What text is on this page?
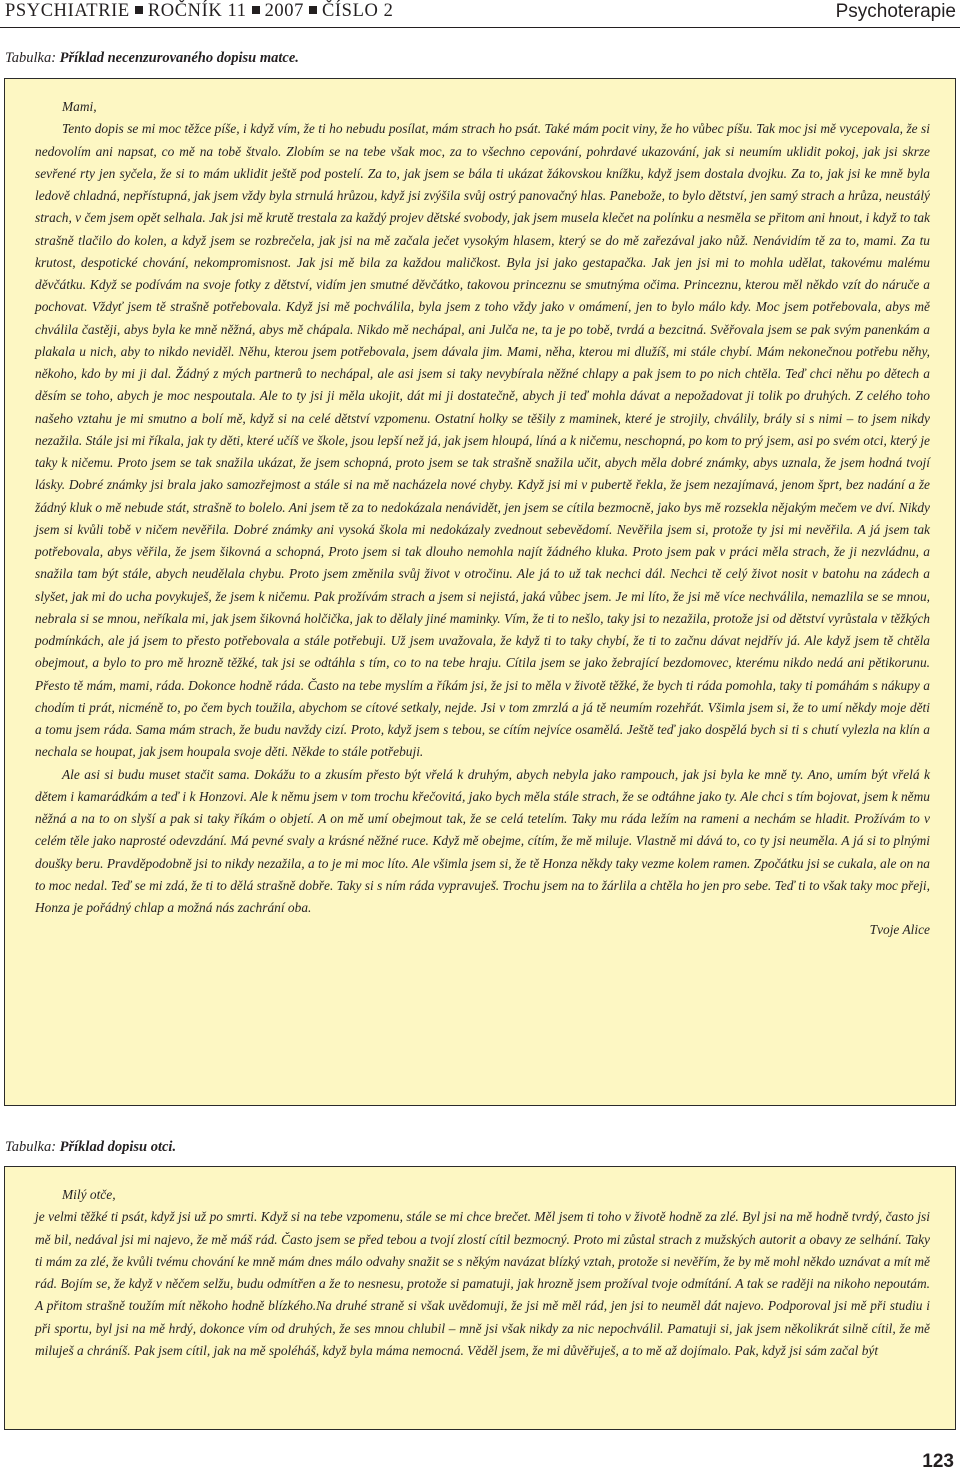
PSYCHIATRIE ROČNÍK 11 2007 ČÍSLO 2	Psychoterapie
Tabulka: Příklad necenzurovaného dopisu matce.

Mami,

Tento dopis se mi moc těžce píše, i když vím, že ti ho nebudu posílat, mám strach ho psát. Také mám pocit viny, že ho vůbec píšu. Tak moc jsi mě vycepovala, že si nedovolím ani napsat, co mě na tobě štvalo. Zlobím se na tebe však moc, za to všechno cepování, pohrdavé ukazování, jak si neumím uklidit pokoj, jak jsi skrze sevřené rty jen syčela, že si to mám uklidit ještě pod postelí. Za to, jak jsem se bála ti ukázat žákovskou knížku, když jsem dostala dvojku. Za to, jak jsi ke mně byla ledově chladná, nepřístupná, jak jsem vždy byla strnulá hrůzou, když jsi zvýšila svůj ostrý panovačný hlas. Panebože, to bylo dětství, jen samý strach a hrůza, neustálý strach, v čem jsem opět selhala. Jak jsi mě krutě trestala za každý projev dětské svobody, jak jsem musela klečet na polínku a nesměla se přitom ani hnout, i když to tak strašně tlačilo do kolen, a když jsem se rozbrečela, jak jsi na mě začala ječet vysokým hlasem, který se do mě zařezával jako nůž. Nenávidím tě za to, mami. Za tu krutost, despotické chování, nekompromisnost. Jak jsi mě bila za každou maličkost. Byla jsi jako gestapačka. Jak jen jsi mi to mohla udělat, takovému malému děvčátku. Když se podívám na svoje fotky z dětství, vidím jen smutné děvčátko, takovou princeznu se smutnýma očima. Princeznu, kterou měl někdo vzít do náruče a pochovat. Vždyť jsem tě strašně potřebovala. Když jsi mě pochválila, byla jsem z toho vždy jako v omámení, jen to bylo málo kdy. Moc jsem potřebovala, abys mě chválila častěji, abys byla ke mně něžná, abys mě chápala. Nikdo mě nechápal, ani Julča ne, ta je po tobě, tvrdá a bezcitná. Svěřovala jsem se pak svým panenkám a plakala u nich, aby to nikdo neviděl. Něhu, kterou jsem potřebovala, jsem dávala jim. Mami, něha, kterou mi dlužíš, mi stále chybí. Mám nekonečnou potřebu něhy, někoho, kdo by mi ji dal. Žádný z mých partnerů to nechápal, ale asi jsem si taky nevybírala něžné chlapy a pak jsem to po nich chtěla. Teď chci něhu po dětech a děsím se toho, abych je moc nespoutala. Ale to ty jsi ji měla ukojit, dát mi ji dostatečně, abych ji teď mohla dávat a nepožadovat ji tolik po druhých. Z celého toho našeho vztahu je mi smutno a bolí mě, když si na celé dětství vzpomenu. Ostatní holky se těšily z maminek, které je strojily, chválily, brály si s nimi – to jsem nikdy nezažila. Stále jsi mi říkala, jak ty děti, které učíš ve škole, jsou lepší než já, jak jsem hloupá, líná a k ničemu, neschopná, po kom to prý jsem, asi po svém otci, který je taky k ničemu. Proto jsem se tak snažila ukázat, že jsem schopná, proto jsem se tak strašně snažila učit, abych měla dobré známky, abys uznala, že jsem hodná tvojí lásky. Dobré známky jsi brala jako samozřejmost a stále si na mě nacházela nové chyby. Když jsi mi v pubertě řekla, že jsem nezajímavá, jenom šprt, bez nadání a že žádný kluk o mě nebude stát, strašně to bolelo. Ani jsem tě za to nedokázala nenávidět, jen jsem se cítila bezmocně, jako bys mě rozsekla nějakým mečem ve dví. Nikdy jsem si kvůli tobě v ničem nevěřila. Dobré známky ani vysoká škola mi nedokázaly zvednout sebevědomí. Nevěřila jsem si, protože ty jsi mi nevěřila. A já jsem tak potřebovala, abys věřila, že jsem šikovná a schopná, Proto jsem si tak dlouho nemohla najít žádného kluka. Proto jsem pak v práci měla strach, že ji nezvládnu, a snažila tam být stále, abych neudělala chybu. Proto jsem změnila svůj život v otročinu. Ale já to už tak nechci dál. Nechci tě celý život nosit v batohu na zádech a slyšet, jak mi do ucha povykuješ, že jsem k ničemu. Pak prožívám strach a jsem si nejistá, jaká vůbec jsem. Je mi líto, že jsi mě více nechválila, nemazlila se se mnou, nebrala si se mnou, neříkala mi, jak jsem šikovná holčička, jak to dělaly jiné maminky. Vím, že ti to nešlo, taky jsi to nezažila, protože jsi od dětství vyrůstala v těžkých podmínkách, ale já jsem to přesto potřebovala a stále potřebuji. Už jsem uvažovala, že když ti to taky chybí, že ti to začnu dávat nejdřív já. Ale když jsem tě chtěla obejmout, a bylo to pro mě hrozně těžké, tak jsi se odtáhla s tím, co to na tebe hraju. Cítila jsem se jako žebrající bezdomovec, kterému nikdo nedá ani pětikorunu. Přesto tě mám, mami, ráda. Dokonce hodně ráda. Často na tebe myslím a říkám jsi, že jsi to měla v životě těžké, že bych ti ráda pomohla, taky ti pomáhám s nákupy a chodím ti prát, nicméně to, po čem bych toužila, abychom se cítové setkaly, nejde. Jsi v tom zmrzlá a já tě neumím rozehřát. Všimla jsem si, že to umí někdy moje děti a tomu jsem ráda. Sama mám strach, že budu navždy cizí. Proto, když jsem s tebou, se cítím nejvíce osamělá. Ještě teď jako dospělá bych si ti s chutí vylezla na klín a nechala se houpat, jak jsem houpala svoje děti. Někde to stále potřebuji.

Ale asi si budu muset stačit sama. Dokážu to a zkusím přesto být vřelá k druhým, abych nebyla jako rampouch, jak jsi byla ke mně ty. Ano, umím být vřelá k dětem i kamarádkám a teď i k Honzovi. Ale k němu jsem v tom trochu křečovitá, jako bych měla stále strach, že se odtáhne jako ty. Ale chci s tím bojovat, jsem k němu něžná a na to on slyší a pak si taky říkám o objetí. A on mě umí obejmout tak, že se celá tetelím. Taky mu ráda ležím na rameni a nechám se hladit. Prožívám to v celém těle jako naprosté odevzdání. Má pevné svaly a krásné něžné ruce. Když mě obejme, cítím, že mě miluje. Vlastně mi dává to, co ty jsi neuměla. A já si to plnými doušky beru. Pravděpodobně jsi to nikdy nezažila, a to je mi moc líto. Ale všimla jsem si, že tě Honza někdy taky vezme kolem ramen. Zpočátku jsi se cukala, ale on na to moc nedal. Teď se mi zdá, že ti to dělá strašně dobře. Taky si s ním ráda vypravuješ. Trochu jsem na to žárlila a chtěla ho jen pro sebe. Teď ti to však taky moc přeji, Honza je pořádný chlap a možná nás zachrání oba.

Tvoje Alice

Tabulka: Příklad dopisu otci.

Milý otče,

je velmi těžké ti psát, když jsi už po smrti. Když si na tebe vzpomenu, stále se mi chce brečet. Měl jsem ti toho v životě hodně za zlé. Byl jsi na mě hodně tvrdý, často jsi mě bil, nedával jsi mi najevo, že mě máš rád. Často jsem se před tebou a tvojí zlostí cítil bezmocný. Proto mi zůstal strach z mužských autorit a obavy ze selhání. Taky ti mám za zlé, že kvůli tvému chování ke mně mám dnes málo odvahy snažit se s někým navázat blízký vztah, protože si nevěřím, že by mě mohl někdo uznávat a mít mě rád. Bojím se, že když v něčem selžu, budu odmítřen a že to nesnesu, protože si pamatuji, jak hrozně jsem prožíval tvoje odmítání. A tak se raději na nikoho nepoutám. A přitom strašně toužím mít někoho hodně blízkého.Na druhé straně si však uvědomuji, že jsi mě měl rád, jen jsi to neuměl dát najevo. Podporoval jsi mě při studiu i při sportu, byl jsi na mě hrdý, dokonce vím od druhých, že ses mnou chlubil – mně jsi však nikdy za nic nepochválil. Pamatuji si, jak jsem několikrát silně cítil, že mě miluješ a chráníš. Pak jsem cítil, jak na mě spoléháš, když byla máma nemocná. Věděl jsem, že mi důvěřuješ, a to mě až dojímalo. Pak, když jsi sám začal být

123
